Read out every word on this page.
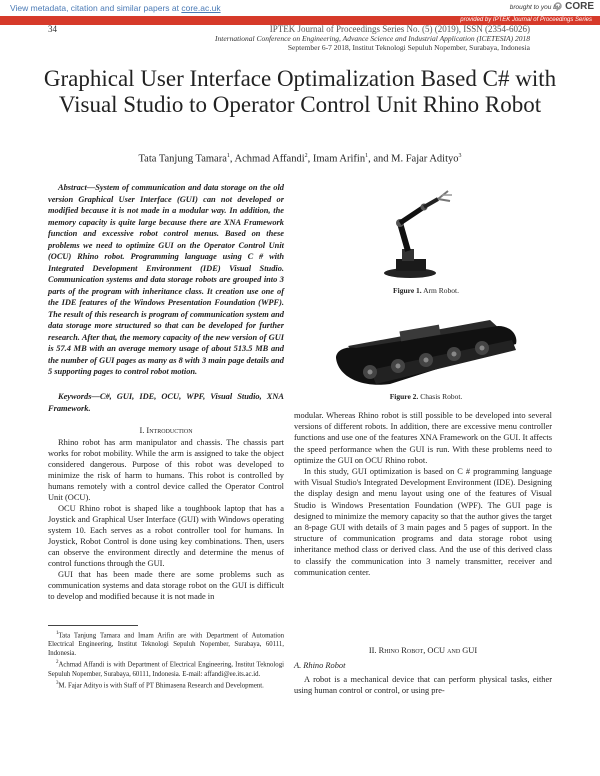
View metadata, citation and similar papers at core.ac.uk	brought to you by CORE
provided by IPTEK Journal of Proceedings Series
34	IPTEK Journal of Proceedings Series No. (5) (2019), ISSN (2354-6026)
International Conference on Engineering, Advance Science and Industrial Application (ICETESIA) 2018
September 6-7 2018, Institut Teknologi Sepuluh Nopember, Surabaya, Indonesia
Graphical User Interface Optimalization Based C# with Visual Studio to Operator Control Unit Rhino Robot
Tata Tanjung Tamara$^1$, Achmad Affandi$^2$, Imam Arifin$^1$, and M. Fajar Adityo$^3$
Abstract—System of communication and data storage on the old version Graphical User Interface (GUI) can not developed or modified because it is not made in a modular way. In addition, the memory capacity is quite large because there are XNA Framework function and excessive robot control menus. Based on these problems we need to optimize GUI on the Operator Control Unit (OCU) Rhino robot. Programming language using C # with Integrated Development Environment (IDE) Visual Studio. Communication systems and data storage robots are grouped into 3 parts of the program with inheritance class. It creation use one of the IDE features of the Windows Presentation Foundation (WPF). The result of this research is program of communication system and data storage more structured so that can be developed for further research. After that, the memory capacity of the new version of GUI is 57.4 MB with an average memory usage of about 513.5 MB and the number of GUI pages as many as 8 with 3 main page details and 5 supporting pages to control robot motion.
Keywords—C#, GUI, IDE, OCU, WPF, Visual Studio, XNA Framework.
I. Introduction

Rhino robot has arm manipulator and chassis. The chassis part works for robot mobility. While the arm is assigned to take the object considered dangerous. Purpose of this robot was developed to minimize the risk of harm to humans. This robot is controlled by humans remotely with a control device called the Operator Control Unit (OCU).

OCU Rhino robot is shaped like a toughbook laptop that has a Joystick and Graphical User Interface (GUI) with Windows operating system 10. Each serves as a robot controller tool for humans. In Joystick, Robot Control is done using key combinations. Then, users can observe the environment directly and determine the menus of control functions through the GUI.

GUI that has been made there are some problems such as communication systems and data storage robot on the GUI is difficult to develop and modified because it is not made in

$^1$Tata Tanjung Tamara and Imam Arifin are with Department of Automation Electrical Engineering, Institut Teknologi Sepuluh Nopember, Surabaya, 60111, Indonesia.

$^2$Achmad Affandi is with Department of Electrical Engineering, Institut Teknologi Sepuluh Nopember, Surabaya, 60111, Indonesia. E-mail: affandi@ee.its.ac.id.

$^3$M. Fajar Adityo is with Staff of PT Bhimasena Research and Development.

Figure 1. Arm Robot.
Figure 2. Chasis Robot.

modular. Whereas Rhino robot is still possible to be developed into several versions of different robots. In addition, there are excessive menu controller functions and use one of the features XNA Framework on the GUI. It affects the speed performance when the GUI is run. With these problems need to optimize the GUI on OCU Rhino robot.

In this study, GUI optimization is based on C # programming language with Visual Studio's Integrated Development Environment (IDE). Designing the display design and menu layout using one of the features of Visual Studio is Windows Presentation Foundation (WPF). The GUI page is designed to minimize the memory capacity so that the author gives the target an 8-page GUI with details of 3 main pages and 5 pages of support. In the structure of communication programs and data storage robot using inheritance method class or derived class. And the use of this derived class to classify the communication into 3 namely transmitter, receiver and communication center.

II. Rhino Robot, OCU and GUI
A. Rhino Robot

A robot is a mechanical device that can perform physical tasks, either using human control or control, or using pre-
